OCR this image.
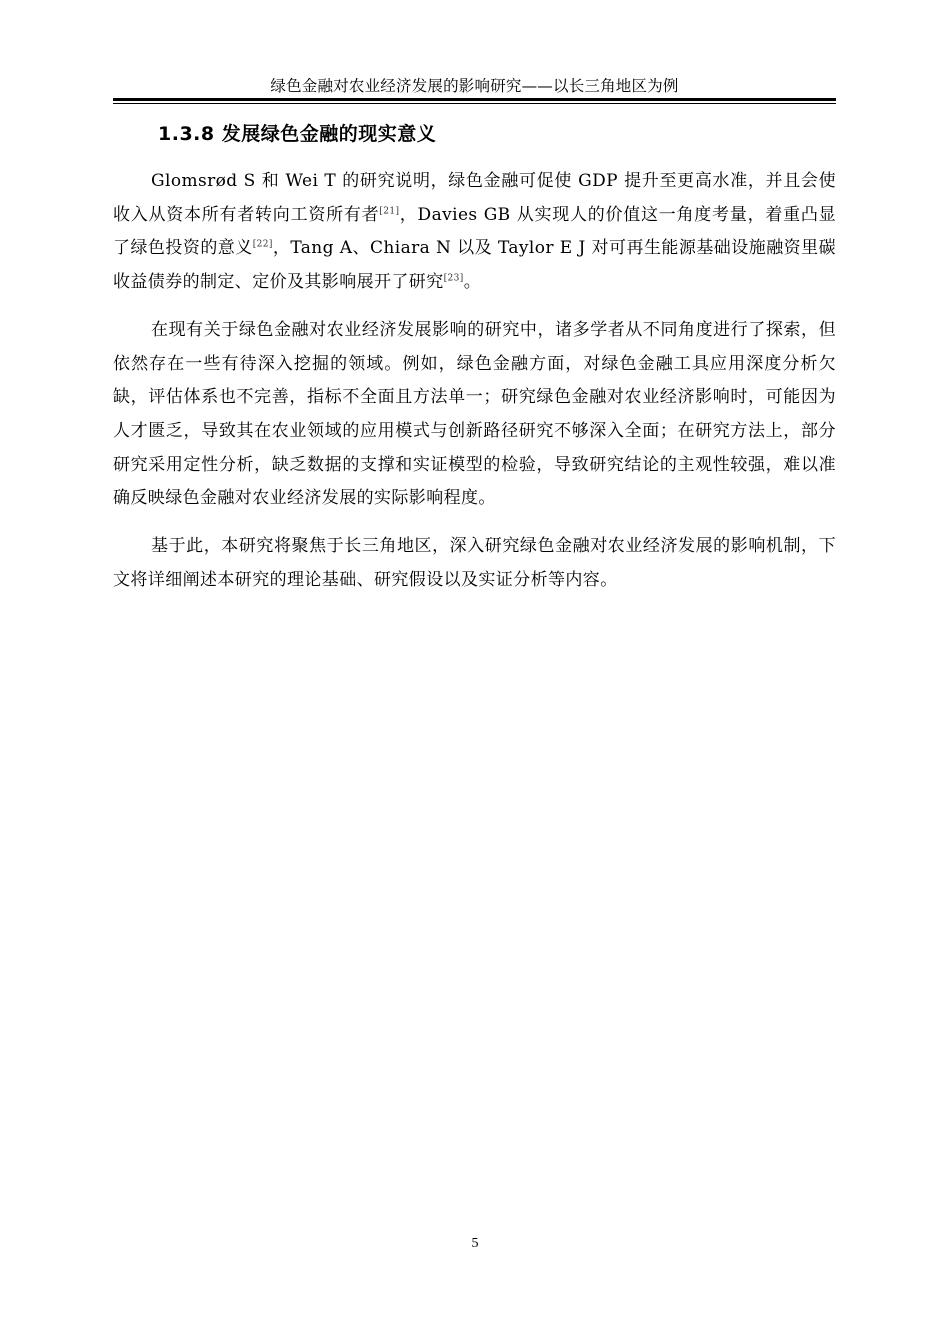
绿色金融对农业经济发展的影响研究——以长三角地区为例
1.3.8 发展绿色金融的现实意义

Glomsrød S 和 Wei T 的研究说明，绿色金融可促使 GDP 提升至更高水准，并且会使收入从资本所有者转向工资所有者[21]，Davies GB 从实现人的价值这一角度考量，着重凸显了绿色投资的意义[22]，Tang A、Chiara N 以及 Taylor E J 对可再生能源基础设施融资里碳收益债券的制定、定价及其影响展开了研究[23]。

在现有关于绿色金融对农业经济发展影响的研究中，诸多学者从不同角度进行了探索，但依然存在一些有待深入挖掘的领域。例如，绿色金融方面，对绿色金融工具应用深度分析欠缺，评估体系也不完善，指标不全面且方法单一；研究绿色金融对农业经济影响时，可能因为人才匮乏，导致其在农业领域的应用模式与创新路径研究不够深入全面；在研究方法上，部分研究采用定性分析，缺乏数据的支撑和实证模型的检验，导致研究结论的主观性较强，难以准确反映绿色金融对农业经济发展的实际影响程度。

基于此，本研究将聚焦于长三角地区，深入研究绿色金融对农业经济发展的影响机制，下文将详细阐述本研究的理论基础、研究假设以及实证分析等内容。

5
